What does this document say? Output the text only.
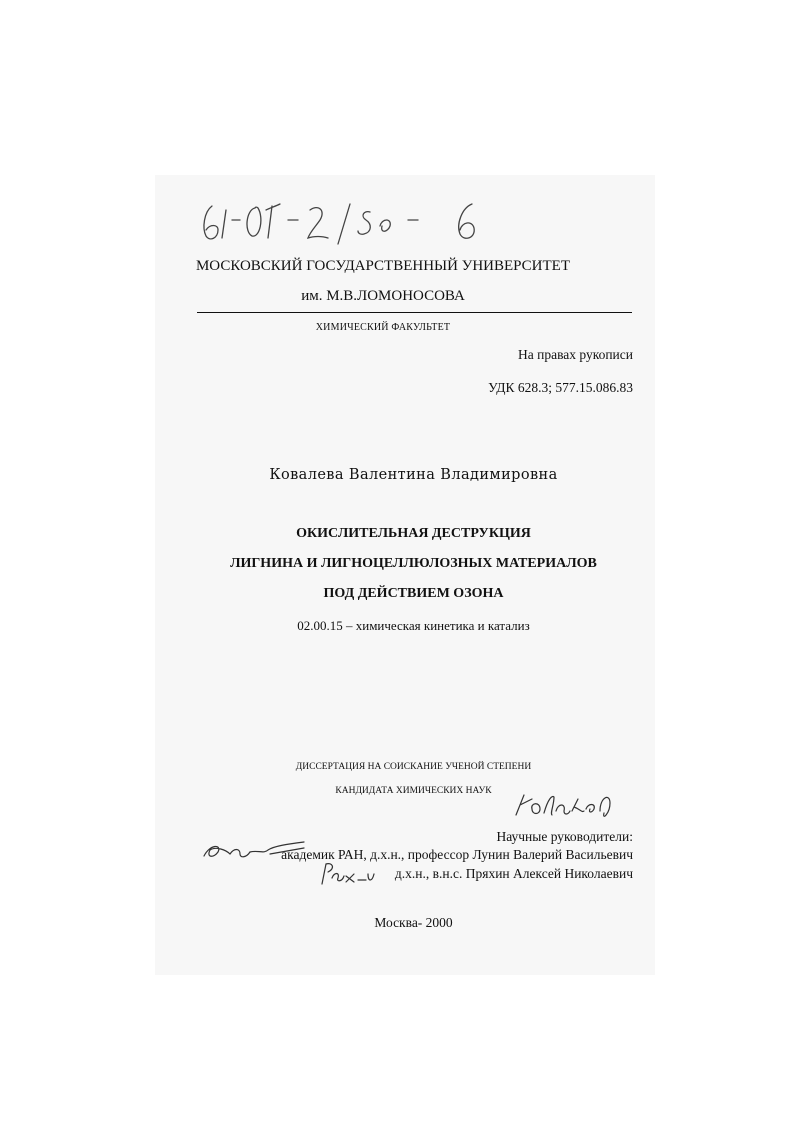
МОСКОВСКИЙ ГОСУДАРСТВЕННЫЙ УНИВЕРСИТЕТ
им. М.В.ЛОМОНОСОВА
ХИМИЧЕСКИЙ ФАКУЛЬТЕТ
На правах рукописи
УДК 628.3; 577.15.086.83
Ковалева Валентина Владимировна
ОКИСЛИТЕЛЬНАЯ ДЕСТРУКЦИЯ
ЛИГНИНА И ЛИГНОЦЕЛЛЮЛОЗНЫХ МАТЕРИАЛОВ
ПОД ДЕЙСТВИЕМ ОЗОНА
02.00.15 – химическая кинетика и катализ
ДИССЕРТАЦИЯ НА СОИСКАНИЕ УЧЕНОЙ СТЕПЕНИ
КАНДИДАТА ХИМИЧЕСКИХ НАУК
Научные руководители:
академик РАН, д.х.н., профессор Лунин Валерий Васильевич
д.х.н., в.н.с. Пряхин Алексей Николаевич
Москва- 2000
